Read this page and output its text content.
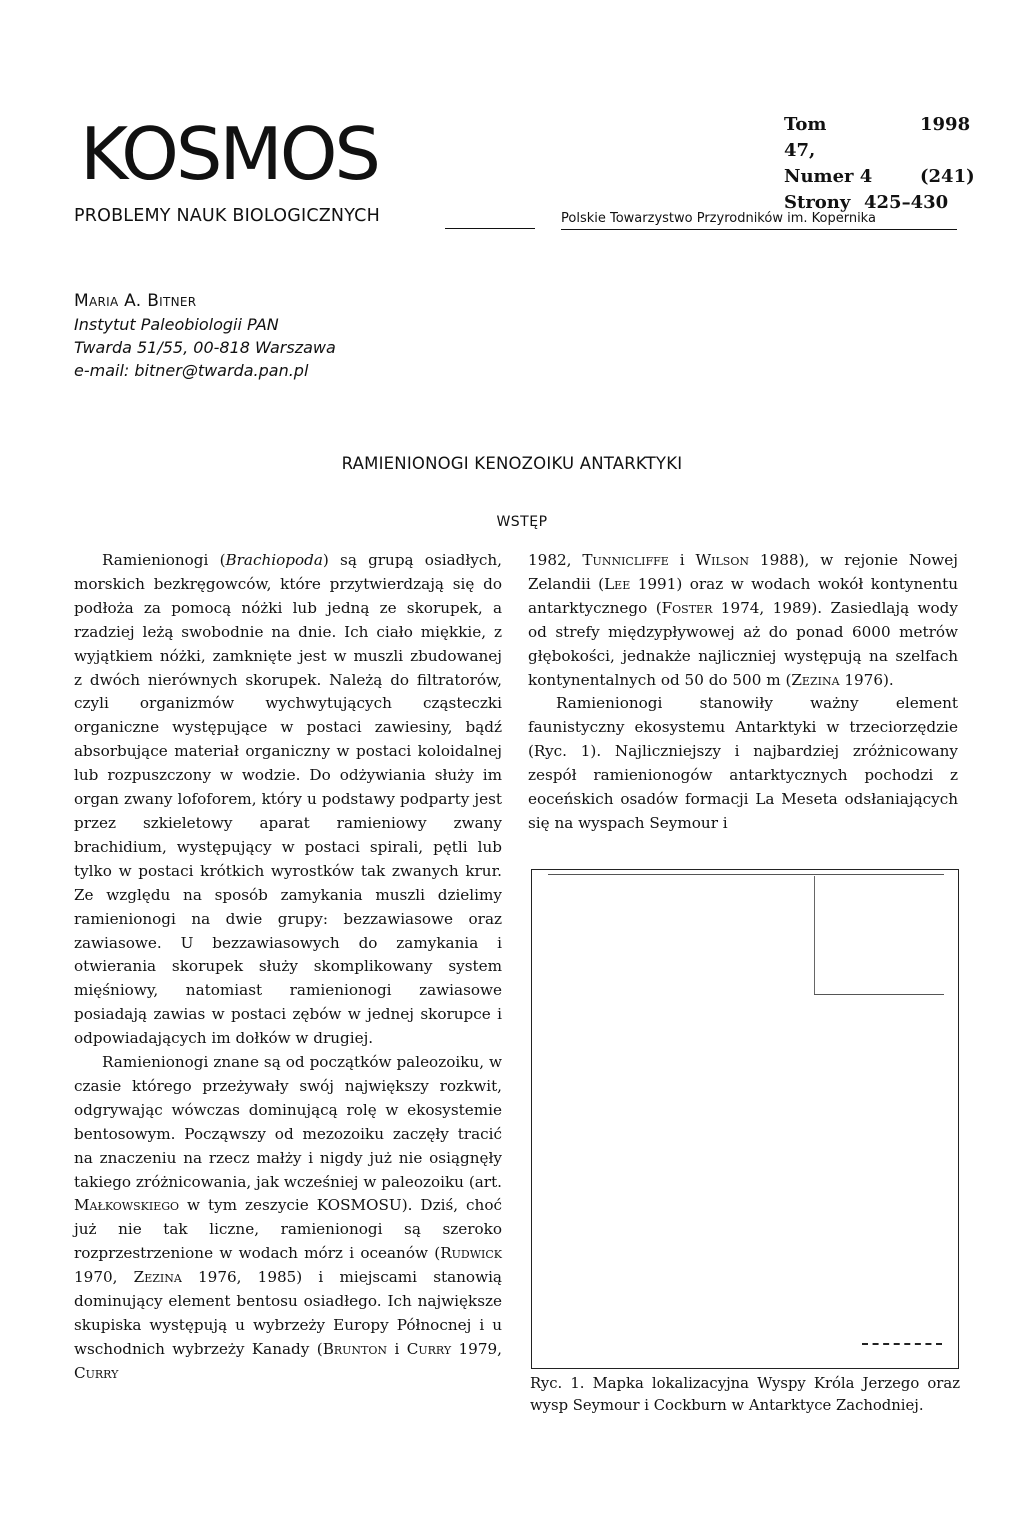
KOSMOS
PROBLEMY NAUK BIOLOGICZNYCH
Tom 47,
1998
Numer 4	(241)
Strony 425–430
Polskie Towarzystwo Przyrodników im. Kopernika
Maria A. Bitner
Instytut Paleobiologii PAN
Twarda 51/55, 00-818 Warszawa
e-mail: bitner@twarda.pan.pl
RAMIENIONOGI KENOZOIKU ANTARKTYKI
WSTĘP

Ramienionogi (Brachiopoda) są grupą osiadłych, morskich bezkręgowców, które przytwierdzają się do podłoża za pomocą nóżki lub jedną ze skorupek, a rzadziej leżą swobodnie na dnie. Ich ciało miękkie, z wyjątkiem nóżki, zamknięte jest w muszli zbudowanej z dwóch nierównych skorupek. Należą do filtratorów, czyli organizmów wychwytujących cząsteczki organiczne występujące w postaci zawiesiny, bądź absorbujące materiał organiczny w postaci koloidalnej lub rozpuszczony w wodzie. Do odżywiania służy im organ zwany lofoforem, który u podstawy podparty jest przez szkieletowy aparat ramieniowy zwany brachidium, występujący w postaci spirali, pętli lub tylko w postaci krótkich wyrostków tak zwanych krur. Ze względu na sposób zamykania muszli dzielimy ramienionogi na dwie grupy: bezzawiasowe oraz zawiasowe. U bezzawiasowych do zamykania i otwierania skorupek służy skomplikowany system mięśniowy, natomiast ramienionogi zawiasowe posiadają zawias w postaci zębów w jednej skorupce i odpowiadających im dołków w drugiej.

Ramienionogi znane są od początków paleozoiku, w czasie którego przeżywały swój największy rozkwit, odgrywając wówczas dominującą rolę w ekosystemie bentosowym. Począwszy od mezozoiku zaczęły tracić na znaczeniu na rzecz małży i nigdy już nie osiągnęły takiego zróżnicowania, jak wcześniej w paleozoiku (art. Małkowskiego w tym zeszycie KOSMOSU). Dziś, choć już nie tak liczne, ramienionogi są szeroko rozprzestrzenione w wodach mórz i oceanów (Rudwick 1970, Zezina 1976, 1985) i miejscami stanowią dominujący element bentosu osiadłego. Ich największe skupiska występują u wybrzeży Europy Północnej i u wschodnich wybrzeży Kanady (Brunton i Curry 1979, Curry

1982, Tunnicliffe i Wilson 1988), w rejonie Nowej Zelandii (Lee 1991) oraz w wodach wokół kontynentu antarktycznego (Foster 1974, 1989). Zasiedlają wody od strefy międzypływowej aż do ponad 6000 metrów głębokości, jednakże najliczniej występują na szelfach kontynentalnych od 50 do 500 m (Zezina 1976).

Ramienionogi stanowiły ważny element faunistyczny ekosystemu Antarktyki w trzeciorzędzie (Ryc. 1). Najliczniejszy i najbardziej zróżnicowany zespół ramienionogów antarktycznych pochodzi z eoceńskich osadów formacji La Meseta odsłaniających się na wyspach Seymour i

Ryc. 1. Mapka lokalizacyjna Wyspy Króla Jerzego oraz wysp Seymour i Cockburn w Antarktyce Zachodniej.
